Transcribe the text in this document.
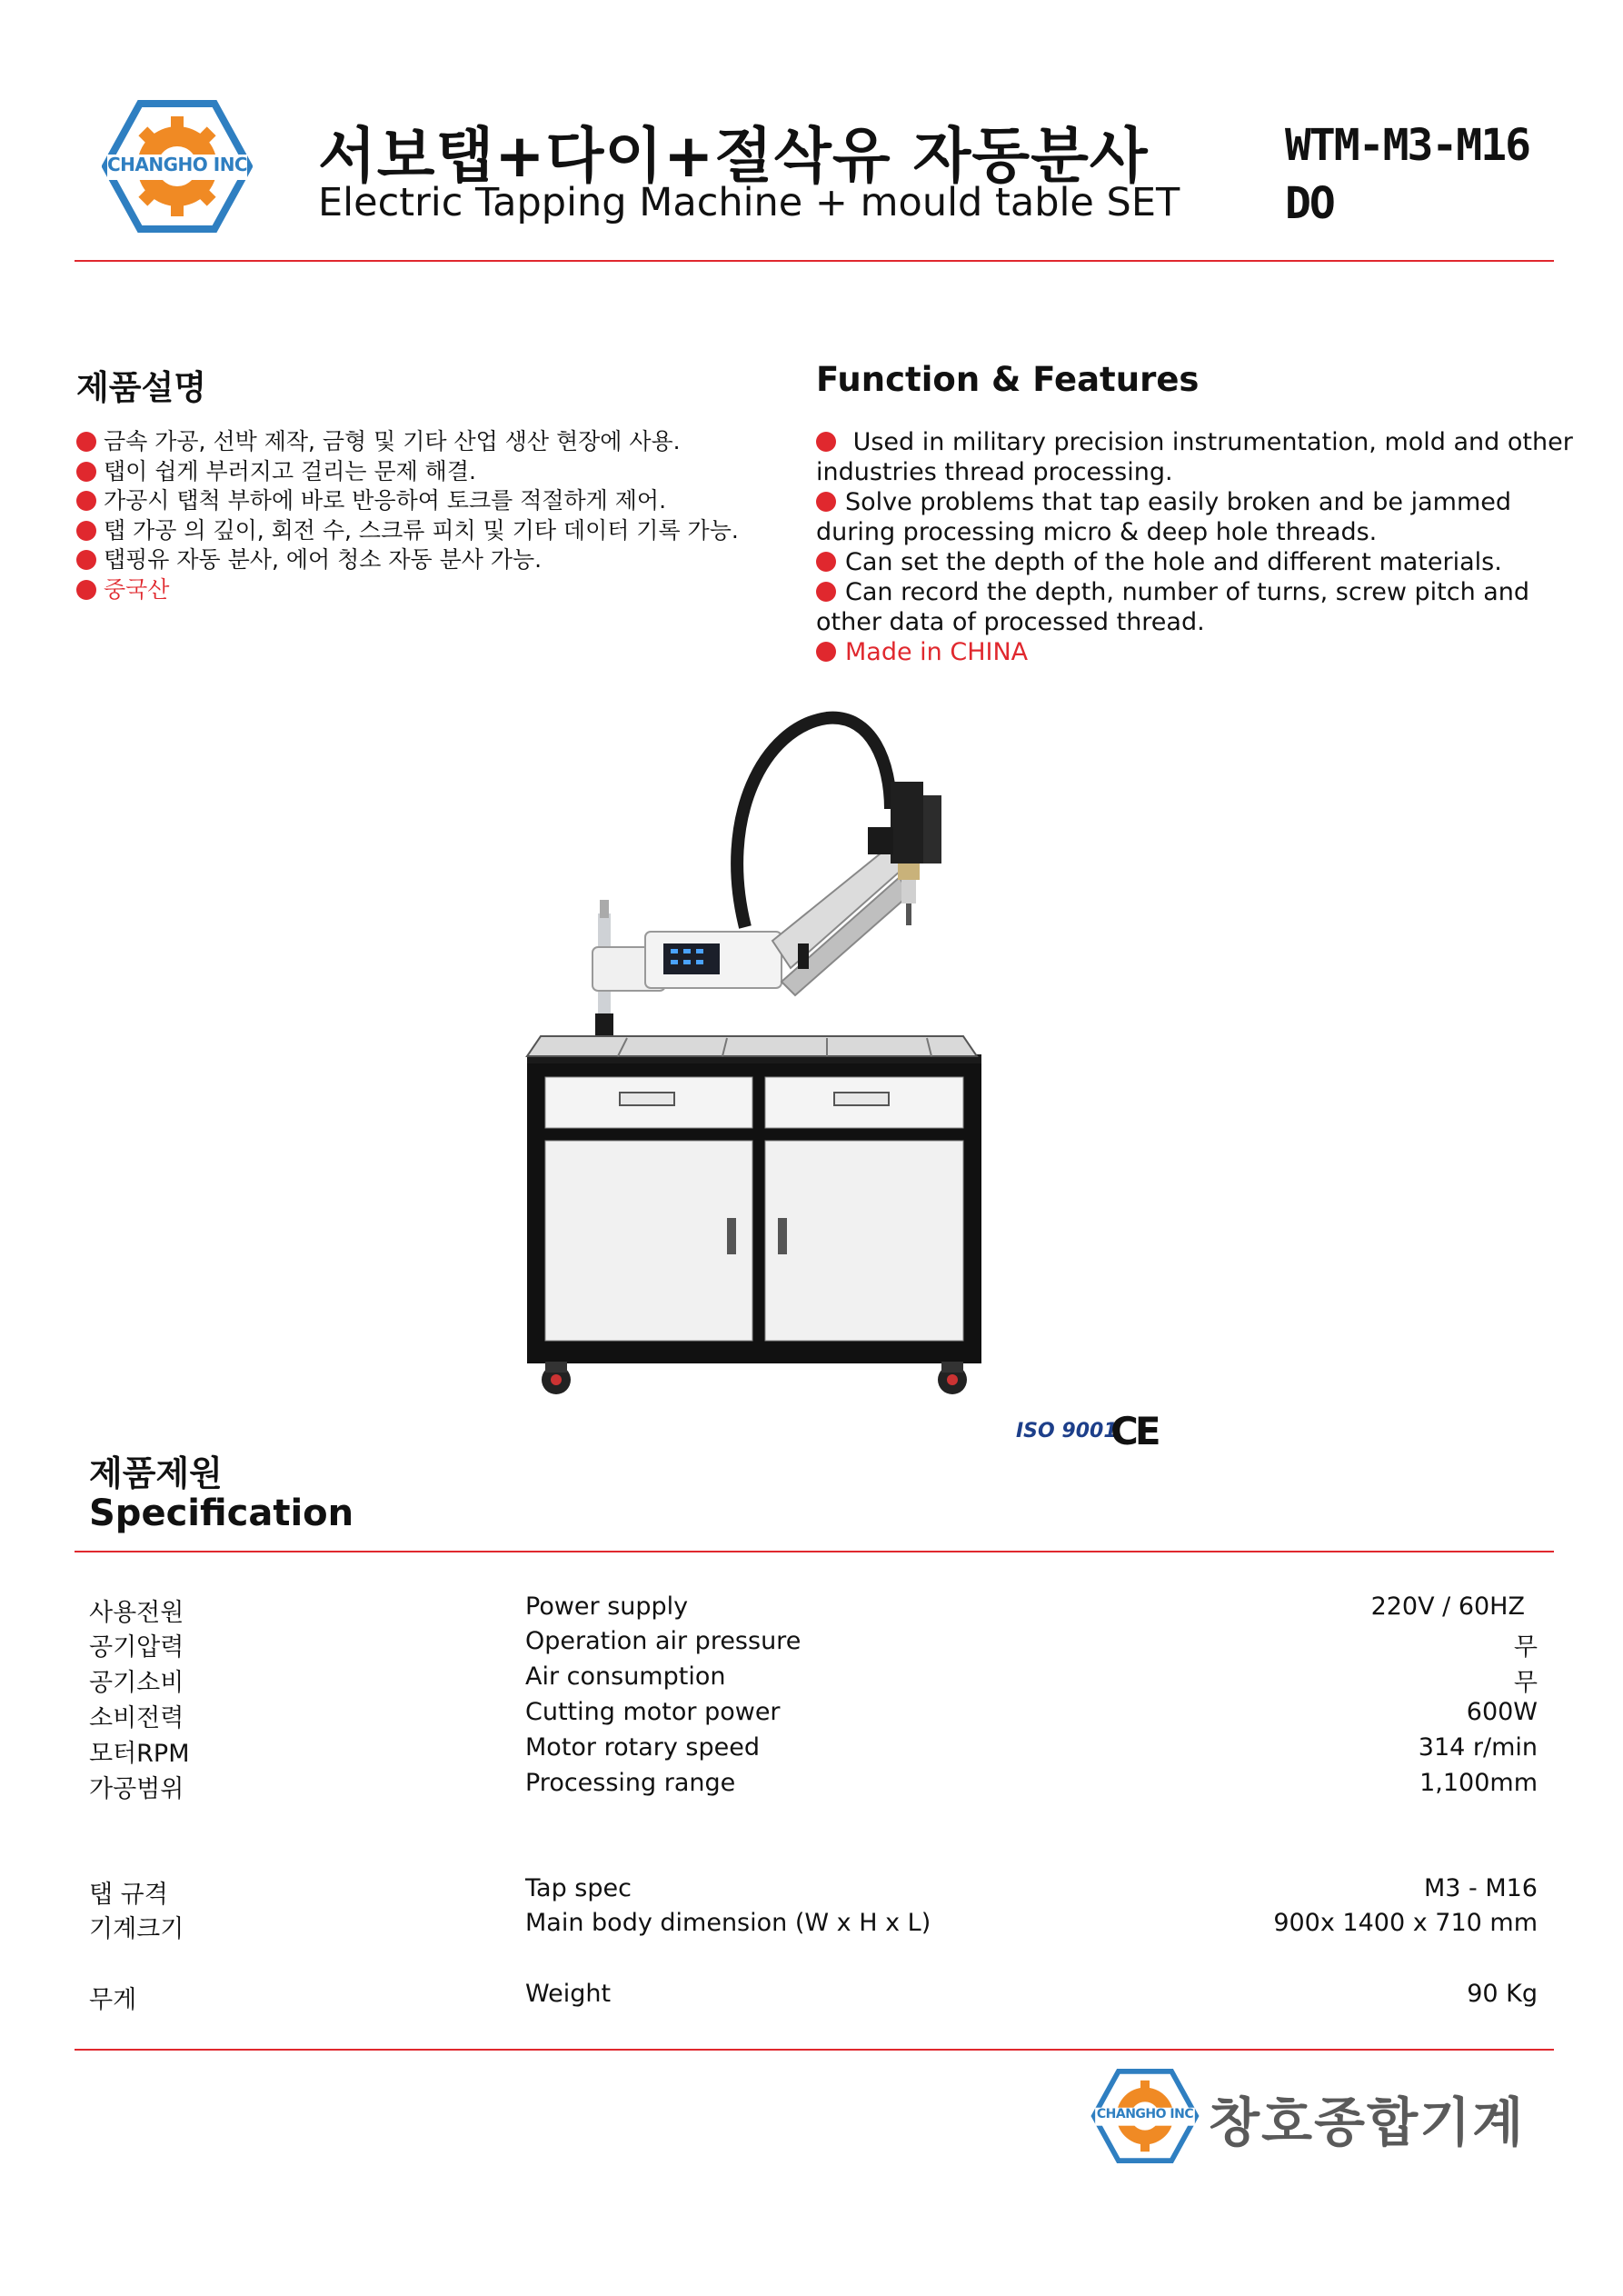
CHANGHO INC 서보탭+다이+절삭유 자동분사
Electric Tapping Machine + mould table SET
WTM-M3-M16
DO
제품설명
금속 가공, 선박 제작, 금형 및 기타 산업 생산 현장에 사용.
탭이 쉽게 부러지고 걸리는 문제 해결.
가공시 탭척 부하에 바로 반응하여 토크를 적절하게 제어.
탭 가공 의 깊이, 회전 수, 스크류 피치 및 기타 데이터 기록 가능.
탭핑유 자동 분사, 에어 청소 자동 분사 가능.
중국산
Function & Features

Used in military precision instrumentation, mold and other

industries thread processing.

Solve problems that tap easily broken and be jammed

during processing micro & deep hole threads.

Can set the depth of the hole and different materials.

Can record the depth, number of turns, screw pitch and

other data of processed thread.

Made in CHINA

ISO 9001
CE
제품제원
Specification
사용전원	Power supply	220V / 60HZ
공기압력	Operation air pressure	무
공기소비	Air consumption	무
소비전력	Cutting motor power	600W
모터RPM	Motor rotary speed	314 r/min
가공범위	Processing range	1,100mm
탭 규격	Tap spec	M3 - M16
기계크기	Main body dimension (W x H x L)	900x 1400 x 710 mm
무게	Weight	90 Kg
CHANGHO INC 창호종합기계
